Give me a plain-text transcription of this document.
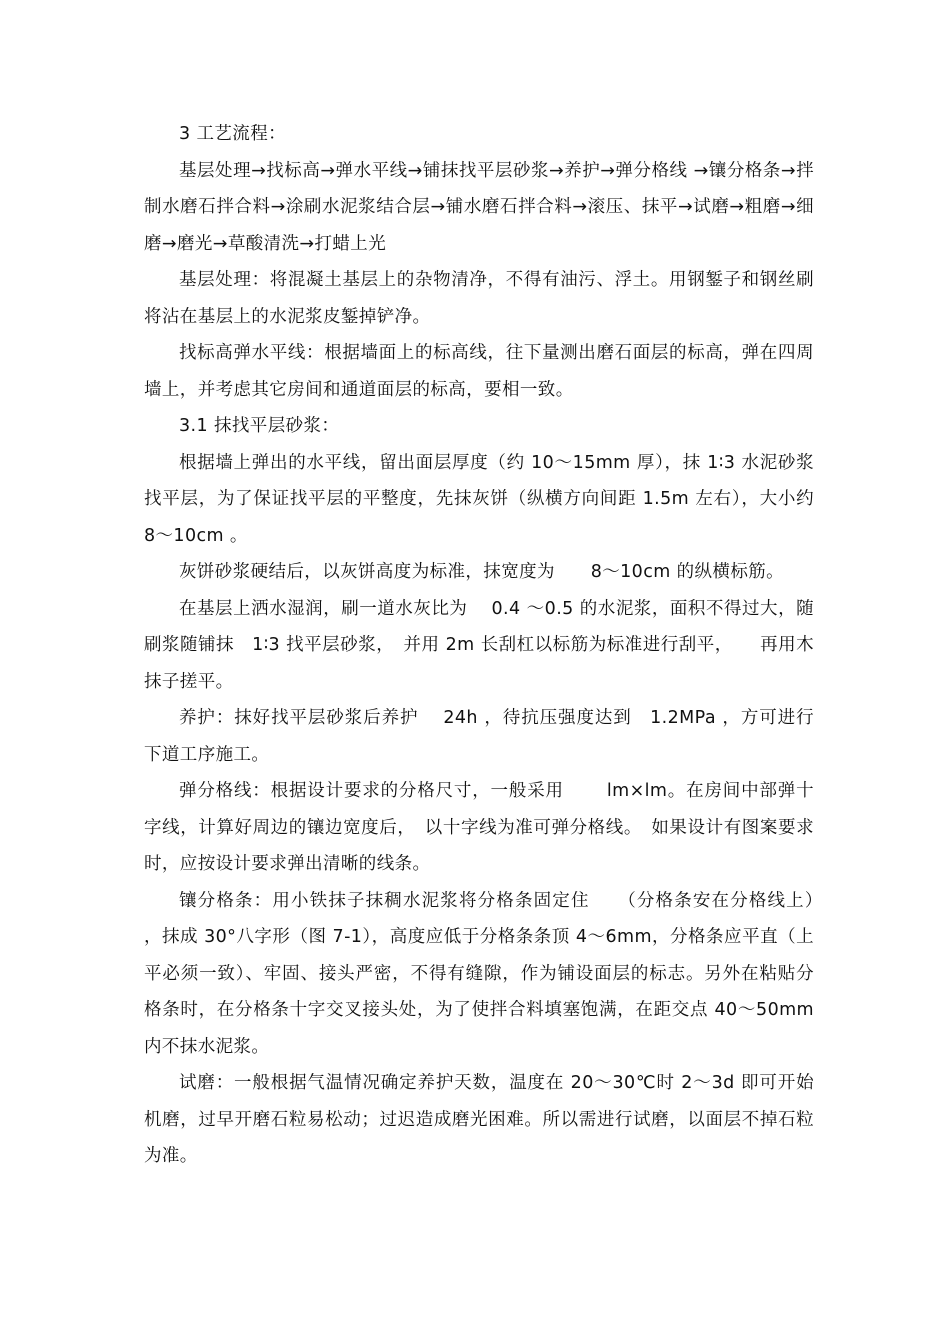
3 工艺流程：

基层处理→找标高→弹水平线→铺抹找平层砂浆→养护→弹分格线 →镶分格条→拌制水磨石拌合料→涂刷水泥浆结合层→铺水磨石拌合料→滚压、抹平→试磨→粗磨→细磨→磨光→草酸清洗→打蜡上光

基层处理：将混凝土基层上的杂物清净，不得有油污、浮土。用钢錾子和钢丝刷将沾在基层上的水泥浆皮錾掉铲净。

找标高弹水平线：根据墙面上的标高线，往下量测出磨石面层的标高，弹在四周墙上，并考虑其它房间和通道面层的标高，要相一致。

3.1 抹找平层砂浆：

根据墙上弹出的水平线，留出面层厚度（约 10～15mm 厚），抹 1∶3 水泥砂浆找平层，为了保证找平层的平整度，先抹灰饼（纵横方向间距 1.5m 左右），大小约 8～10cm 。

灰饼砂浆硬结后，以灰饼高度为标准，抹宽度为　　8～10cm 的纵横标筋。

在基层上洒水湿润，刷一道水灰比为　 0.4 ～0.5 的水泥浆，面积不得过大，随刷浆随铺抹　1∶3 找平层砂浆，　并用 2m 长刮杠以标筋为标准进行刮平，　　再用木抹子搓平。

养护：抹好找平层砂浆后养护　 24h ，待抗压强度达到　1.2MPa ，方可进行下道工序施工。

弹分格线：根据设计要求的分格尺寸，一般采用　　 lm×lm。在房间中部弹十字线，计算好周边的镶边宽度后，　以十字线为准可弹分格线。　如果设计有图案要求时，应按设计要求弹出清晰的线条。

镶分格条：用小铁抹子抹稠水泥浆将分格条固定住　　（分格条安在分格线上）　，抹成 30°八字形（图 7-1），高度应低于分格条条顶 4～6mm，分格条应平直（上平必须一致）、牢固、接头严密，不得有缝隙，作为铺设面层的标志。另外在粘贴分格条时，在分格条十字交叉接头处，为了使拌合料填塞饱满，在距交点 40～50mm 内不抹水泥浆。

试磨：一般根据气温情况确定养护天数，温度在 20～30℃时 2～3d 即可开始机磨，过早开磨石粒易松动；过迟造成磨光困难。所以需进行试磨，以面层不掉石粒为准。
